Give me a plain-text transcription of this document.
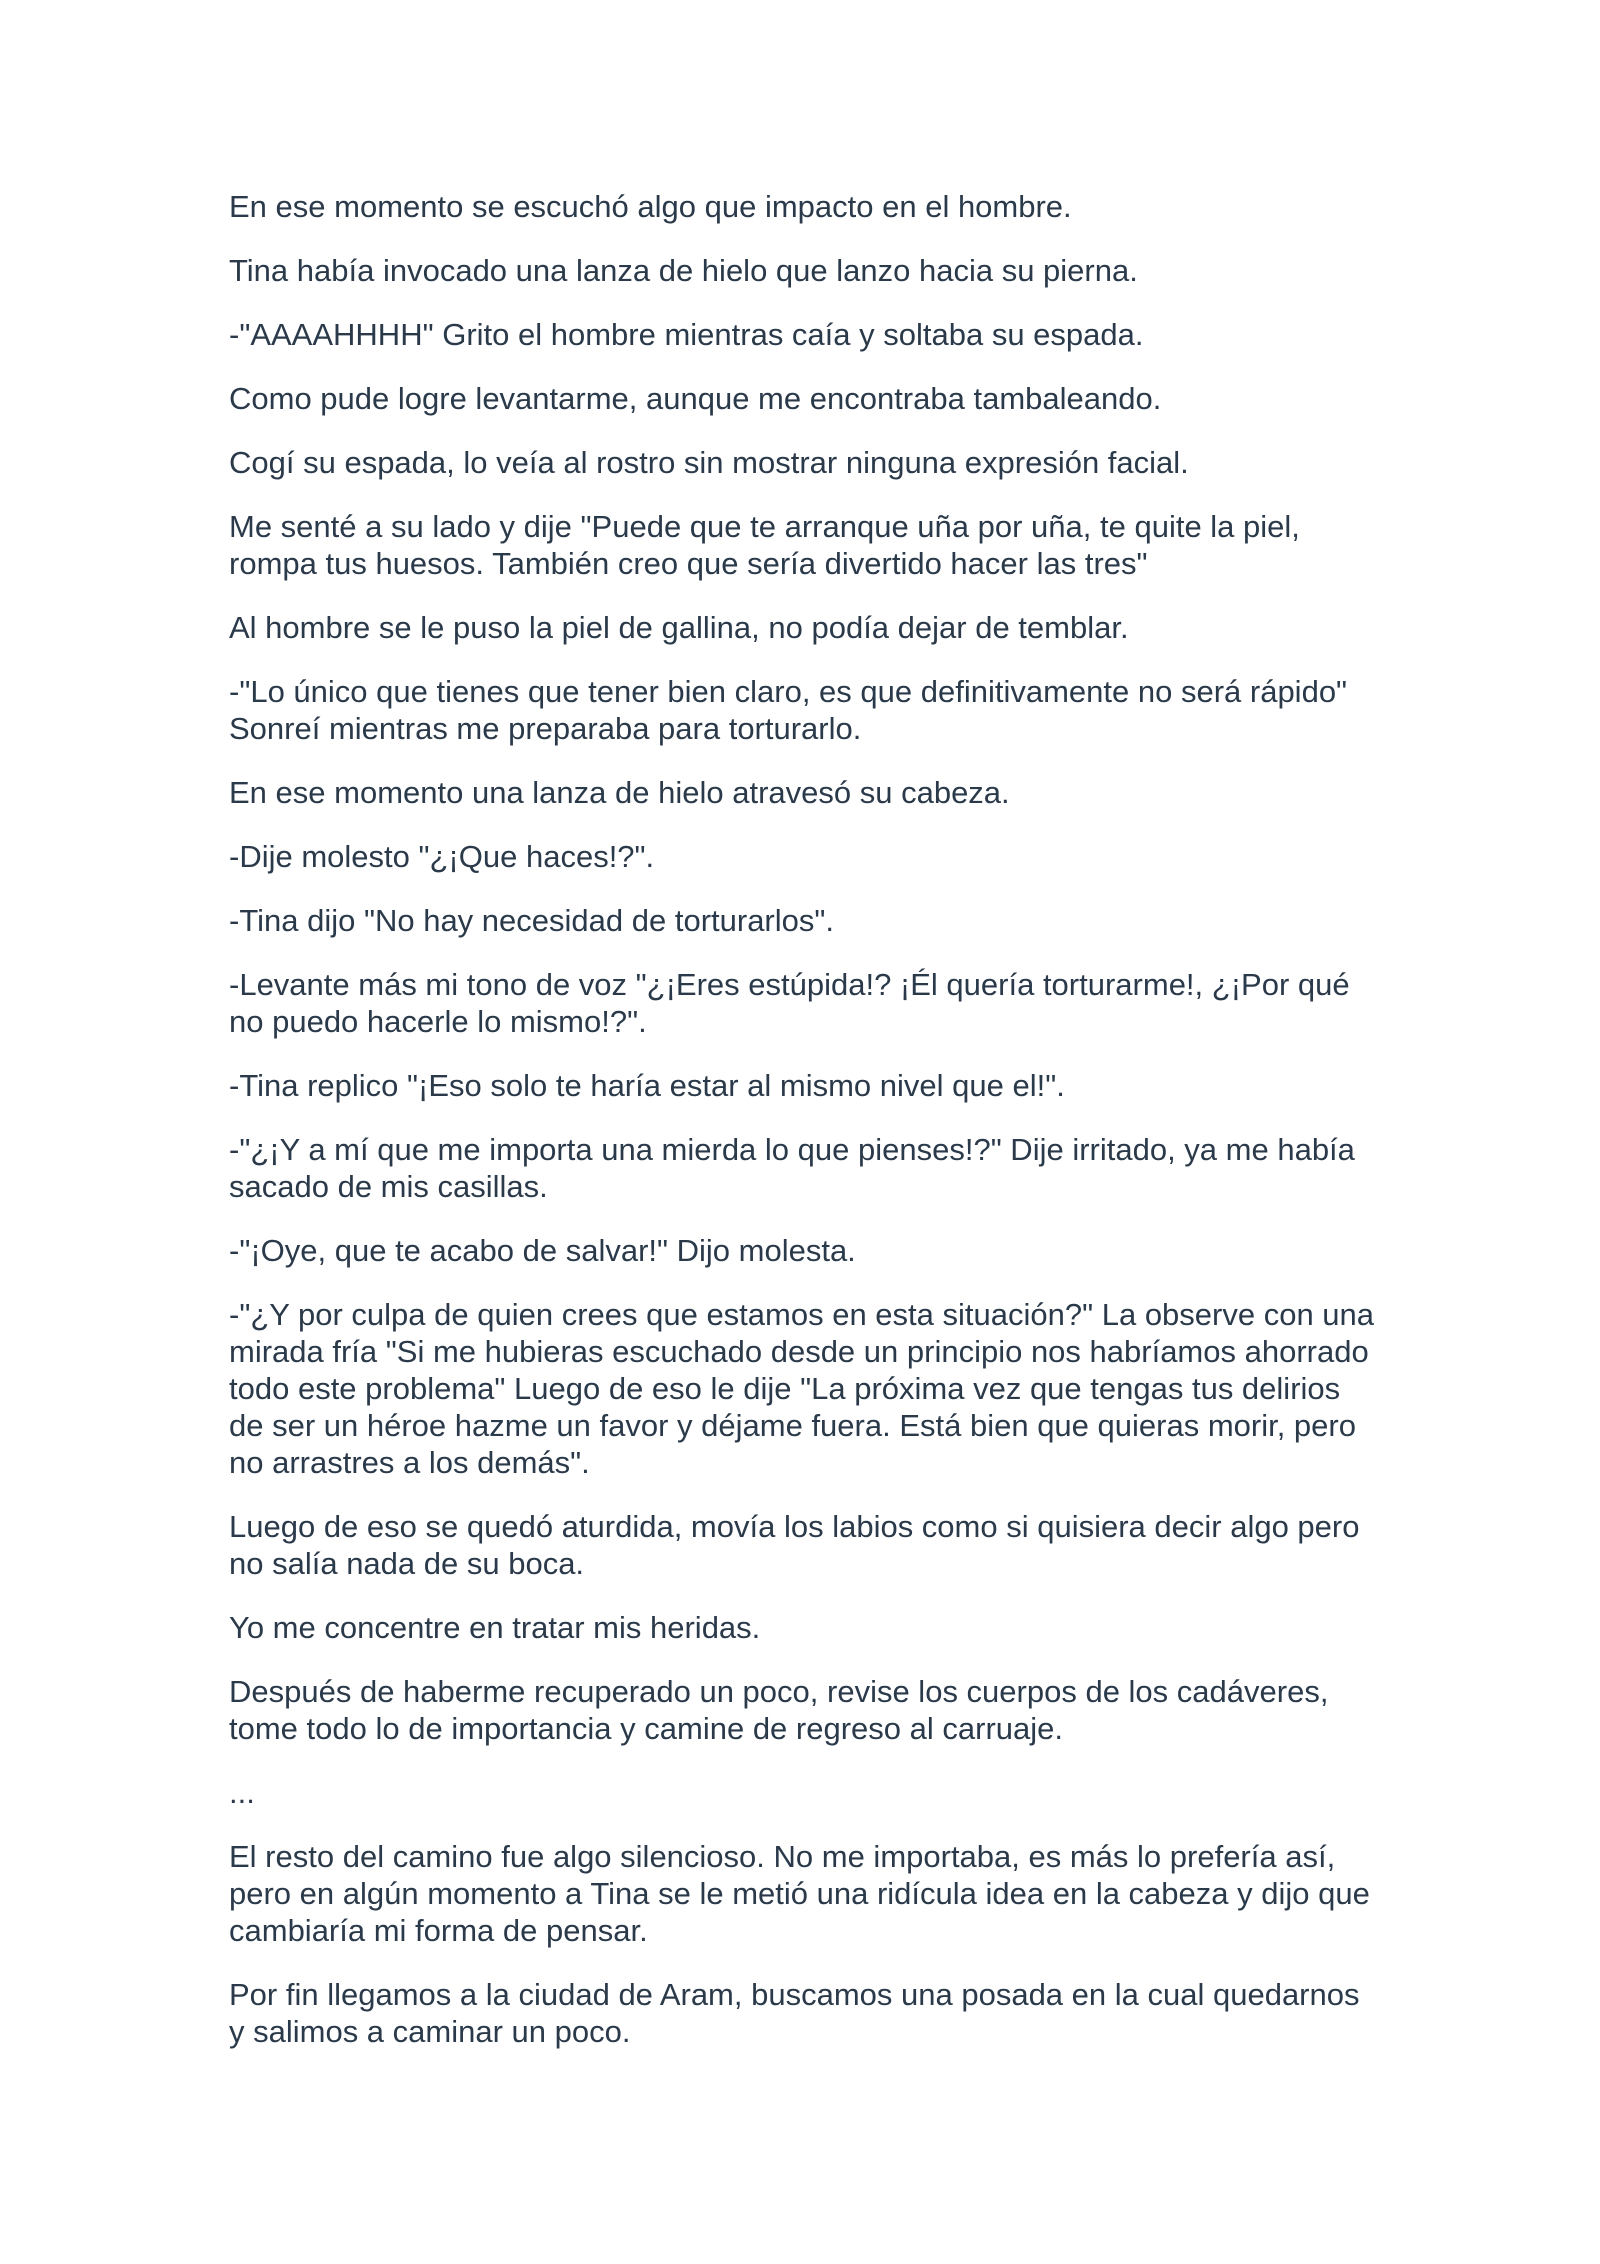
En ese momento se escuchó algo que impacto en el hombre.

Tina había invocado una lanza de hielo que lanzo hacia su pierna.

-"AAAAHHHH" Grito el hombre mientras caía y soltaba su espada.

Como pude logre levantarme, aunque me encontraba tambaleando.

Cogí su espada, lo veía al rostro sin mostrar ninguna expresión facial.

Me senté a su lado y dije "Puede que te arranque uña por uña, te quite la piel, rompa tus huesos. También creo que sería divertido hacer las tres"

Al hombre se le puso la piel de gallina, no podía dejar de temblar.

-"Lo único que tienes que tener bien claro, es que definitivamente no será rápido" Sonreí mientras me preparaba para torturarlo.

En ese momento una lanza de hielo atravesó su cabeza.

-Dije molesto "¿¡Que haces!?".

-Tina dijo "No hay necesidad de torturarlos".

-Levante más mi tono de voz "¿¡Eres estúpida!? ¡Él quería torturarme!, ¿¡Por qué no puedo hacerle lo mismo!?".

-Tina replico "¡Eso solo te haría estar al mismo nivel que el!".

-"¿¡Y a mí que me importa una mierda lo que pienses!?" Dije irritado, ya me había sacado de mis casillas.

-"¡Oye, que te acabo de salvar!" Dijo molesta.

-"¿Y por culpa de quien crees que estamos en esta situación?" La observe con una mirada fría "Si me hubieras escuchado desde un principio nos habríamos ahorrado todo este problema" Luego de eso le dije "La próxima vez que tengas tus delirios de ser un héroe hazme un favor y déjame fuera. Está bien que quieras morir, pero no arrastres a los demás".

Luego de eso se quedó aturdida, movía los labios como si quisiera decir algo pero no salía nada de su boca.

Yo me concentre en tratar mis heridas.

Después de haberme recuperado un poco, revise los cuerpos de los cadáveres, tome todo lo de importancia y camine de regreso al carruaje.

...

El resto del camino fue algo silencioso. No me importaba, es más lo prefería así, pero en algún momento a Tina se le metió una ridícula idea en la cabeza y dijo que cambiaría mi forma de pensar.

Por fin llegamos a la ciudad de Aram, buscamos una posada en la cual quedarnos y salimos a caminar un poco.
